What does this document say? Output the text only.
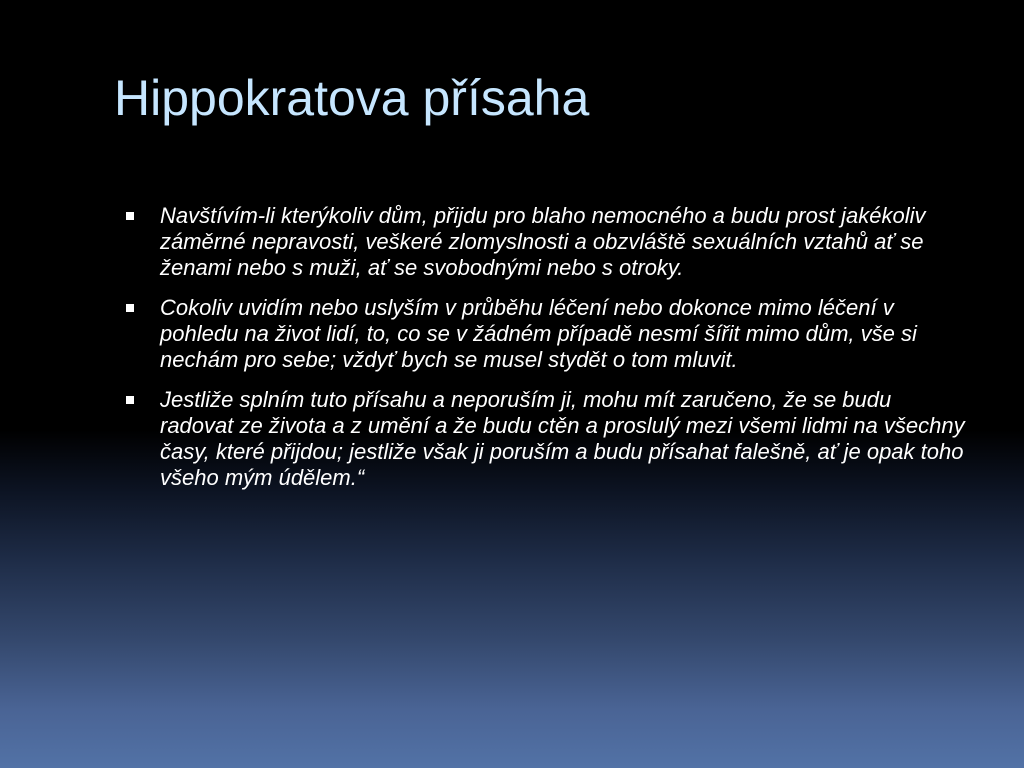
Hippokratova přísaha
Navštívím-li kterýkoliv dům, přijdu pro blaho nemocného a budu prost jakékoliv záměrné nepravosti, veškeré zlomyslnosti a obzvláště sexuálních vztahů ať se ženami nebo s muži, ať se svobodnými nebo s otroky.
Cokoliv uvidím nebo uslyším v průběhu léčení nebo dokonce mimo léčení v pohledu na život lidí, to, co se v žádném případě nesmí šířit mimo dům, vše si nechám pro sebe; vždyť bych se musel stydět o tom mluvit.
Jestliže splním tuto přísahu a neporuším ji, mohu mít zaručeno, že se budu radovat ze života a z umění a že budu ctěn a proslulý mezi všemi lidmi na všechny časy, které přijdou; jestliže však ji poruším a budu přísahat falešně, ať je opak toho všeho mým údělem.“
